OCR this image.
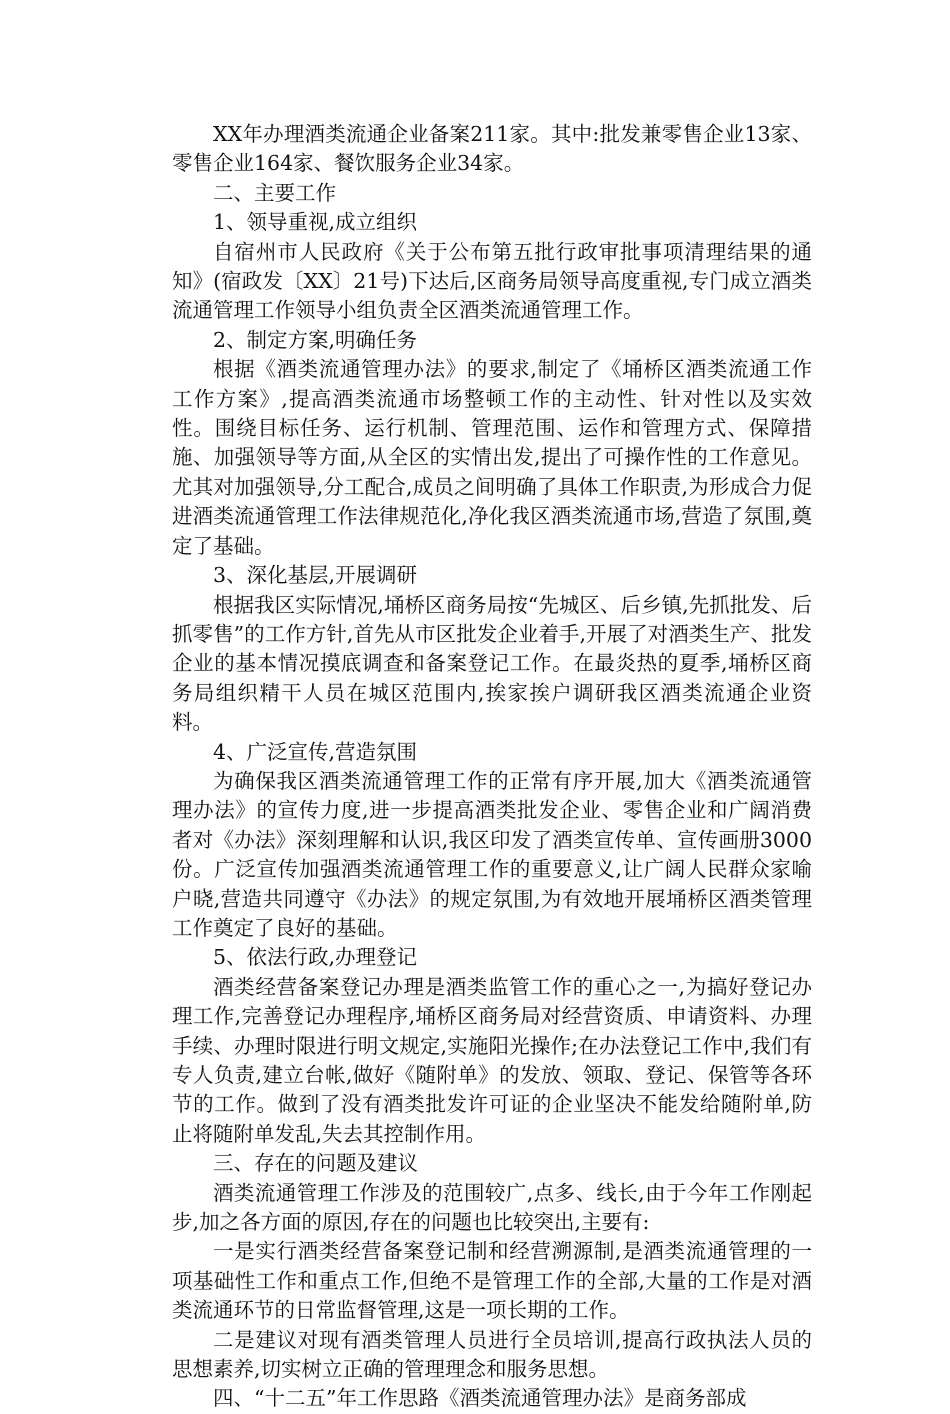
XX年办理酒类流通企业备案211家。其中:批发兼零售企业13家、零售企业164家、餐饮服务企业34家。

二、主要工作

1、领导重视,成立组织

自宿州市人民政府《关于公布第五批行政审批事项清理结果的通知》(宿政发〔XX〕21号)下达后,区商务局领导高度重视,专门成立酒类流通管理工作领导小组负责全区酒类流通管理工作。

2、制定方案,明确任务

根据《酒类流通管理办法》的要求,制定了《埇桥区酒类流通工作工作方案》,提高酒类流通市场整顿工作的主动性、针对性以及实效性。围绕目标任务、运行机制、管理范围、运作和管理方式、保障措施、加强领导等方面,从全区的实情出发,提出了可操作性的工作意见。尤其对加强领导,分工配合,成员之间明确了具体工作职责,为形成合力促进酒类流通管理工作法律规范化,净化我区酒类流通市场,营造了氛围,奠定了基础。

3、深化基层,开展调研

根据我区实际情况,埇桥区商务局按“先城区、后乡镇,先抓批发、后抓零售”的工作方针,首先从市区批发企业着手,开展了对酒类生产、批发企业的基本情况摸底调查和备案登记工作。在最炎热的夏季,埇桥区商务局组织精干人员在城区范围内,挨家挨户调研我区酒类流通企业资料。

4、广泛宣传,营造氛围

为确保我区酒类流通管理工作的正常有序开展,加大《酒类流通管理办法》的宣传力度,进一步提高酒类批发企业、零售企业和广阔消费者对《办法》深刻理解和认识,我区印发了酒类宣传单、宣传画册3000份。广泛宣传加强酒类流通管理工作的重要意义,让广阔人民群众家喻户晓,营造共同遵守《办法》的规定氛围,为有效地开展埇桥区酒类管理工作奠定了良好的基础。

5、依法行政,办理登记

酒类经营备案登记办理是酒类监管工作的重心之一,为搞好登记办理工作,完善登记办理程序,埇桥区商务局对经营资质、申请资料、办理手续、办理时限进行明文规定,实施阳光操作;在办法登记工作中,我们有专人负责,建立台帐,做好《随附单》的发放、领取、登记、保管等各环节的工作。做到了没有酒类批发许可证的企业坚决不能发给随附单,防止将随附单发乱,失去其控制作用。

三、存在的问题及建议

酒类流通管理工作涉及的范围较广,点多、线长,由于今年工作刚起步,加之各方面的原因,存在的问题也比较突出,主要有:

一是实行酒类经营备案登记制和经营溯源制,是酒类流通管理的一项基础性工作和重点工作,但绝不是管理工作的全部,大量的工作是对酒类流通环节的日常监督管理,这是一项长期的工作。

二是建议对现有酒类管理人员进行全员培训,提高行政执法人员的思想素养,切实树立正确的管理理念和服务思想。

四、“十二五”年工作思路《酒类流通管理办法》是商务部成
